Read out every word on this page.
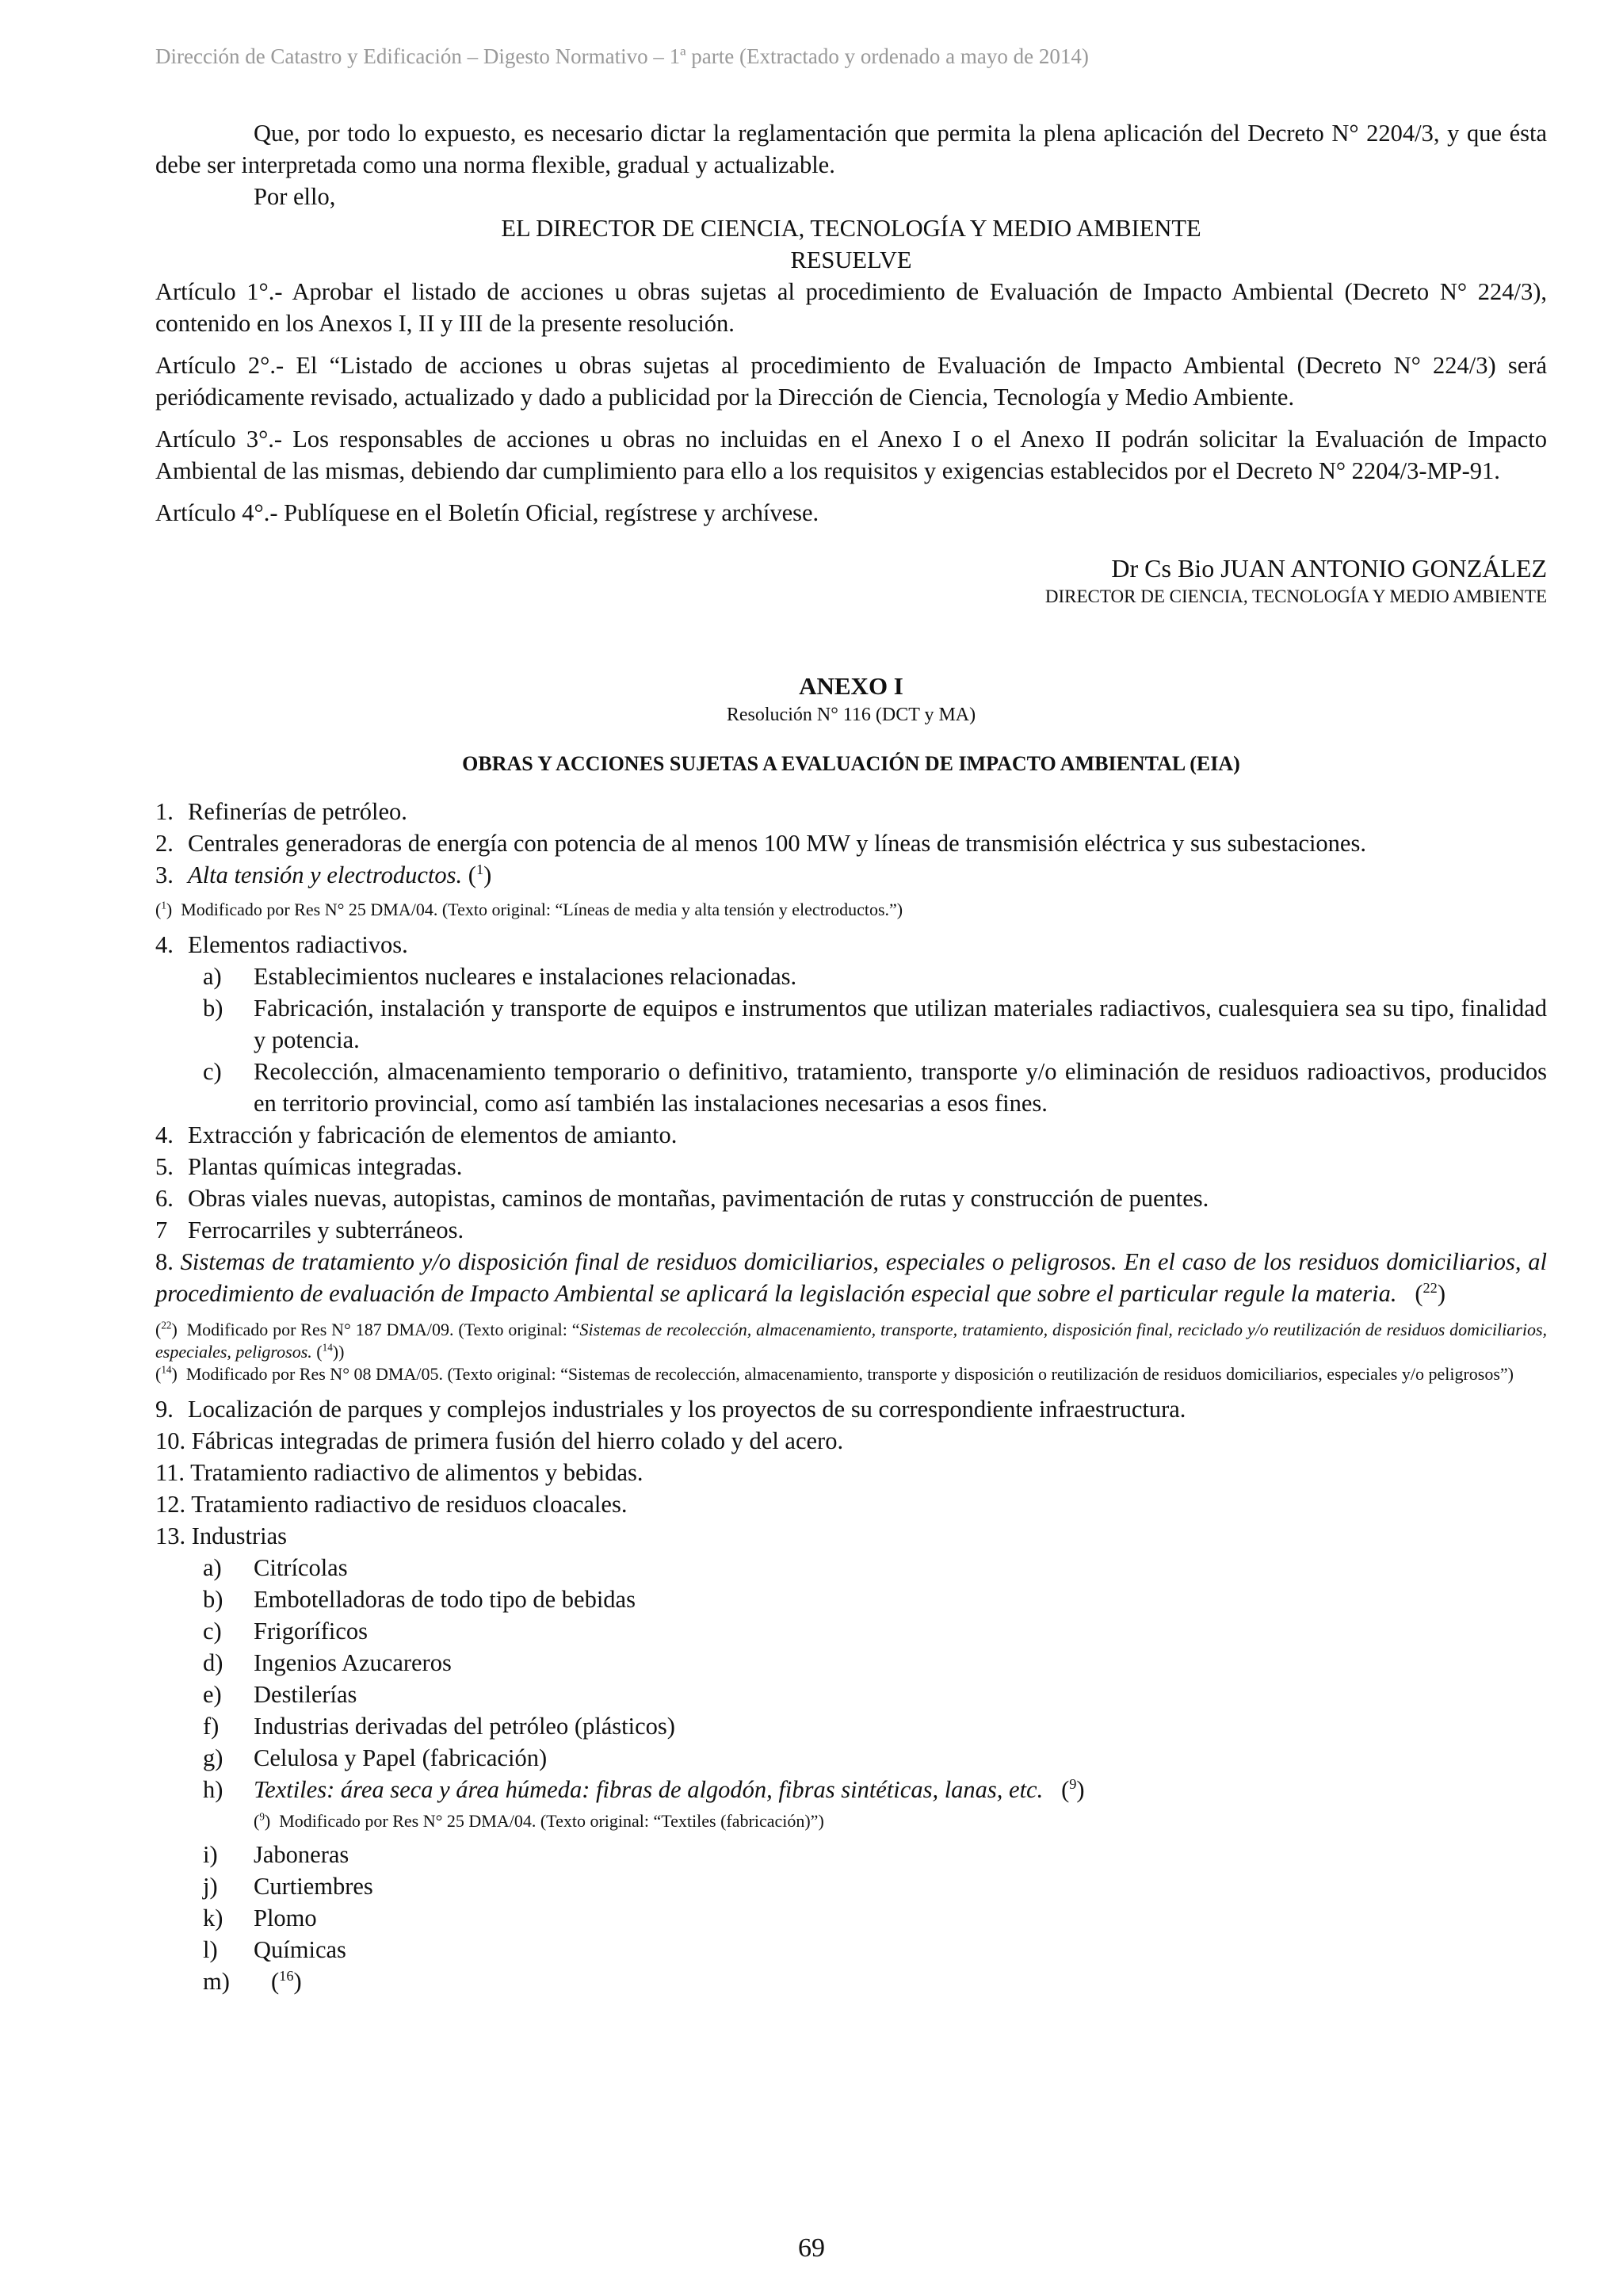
Dirección de Catastro y Edificación – Digesto Normativo – 1ª parte (Extractado y ordenado a mayo de 2014)

Que, por todo lo expuesto, es necesario dictar la reglamentación que permita la plena aplicación del Decreto N° 2204/3, y que ésta debe ser interpretada como una norma flexible, gradual y actualizable.

Por ello,

EL DIRECTOR DE CIENCIA, TECNOLOGÍA Y MEDIO AMBIENTE

RESUELVE

Artículo 1°.- Aprobar el listado de acciones u obras sujetas al procedimiento de Evaluación de Impacto Ambiental (Decreto N° 224/3), contenido en los Anexos I, II y III de la presente resolución.

Artículo 2°.- El “Listado de acciones u obras sujetas al procedimiento de Evaluación de Impacto Ambiental (Decreto N° 224/3) será periódicamente revisado, actualizado y dado a publicidad por la Dirección de Ciencia, Tecnología y Medio Ambiente.

Artículo 3°.- Los responsables de acciones u obras no incluidas en el Anexo I o el Anexo II podrán solicitar la Evaluación de Impacto Ambiental de las mismas, debiendo dar cumplimiento para ello a los requisitos y exigencias establecidos por el Decreto N° 2204/3-MP-91.

Artículo 4°.- Publíquese en el Boletín Oficial, regístrese y archívese.

Dr Cs Bio JUAN ANTONIO GONZÁLEZ

DIRECTOR DE CIENCIA, TECNOLOGÍA Y MEDIO AMBIENTE

ANEXO I

Resolución N° 116 (DCT y MA)

OBRAS Y ACCIONES SUJETAS A EVALUACIÓN DE IMPACTO AMBIENTAL (EIA)

1. Refinerías de petróleo.
2. Centrales generadoras de energía con potencia de al menos 100 MW y líneas de transmisión eléctrica y sus subestaciones.
3. Alta tensión y electroductos. ($^1$)

($^1$)  Modificado por Res N° 25 DMA/04. (Texto original: “Líneas de media y alta tensión y electroductos.”)

4. Elementos radiactivos.
a) Establecimientos nucleares e instalaciones relacionadas.
b) Fabricación, instalación y transporte de equipos e instrumentos que utilizan materiales radiactivos, cualesquiera sea su tipo, finalidad y potencia.
c) Recolección, almacenamiento temporario o definitivo, tratamiento, transporte y/o eliminación de residuos radioactivos, producidos en territorio provincial, como así también las instalaciones necesarias a esos fines.
4. Extracción y fabricación de elementos de amianto.
5. Plantas químicas integradas.
6. Obras viales nuevas, autopistas, caminos de montañas, pavimentación de rutas y construcción de puentes.
7 Ferrocarriles y subterráneos.

8. Sistemas de tratamiento y/o disposición final de residuos domiciliarios, especiales o peligrosos. En el caso de los residuos domiciliarios, al procedimiento de evaluación de Impacto Ambiental se aplicará la legislación especial que sobre el particular regule la materia.   ($^{22}$)

($^{22}$)  Modificado por Res N° 187 DMA/09. (Texto original: “Sistemas de recolección, almacenamiento, transporte, tratamiento, disposición final, reciclado y/o reutilización de residuos domiciliarios, especiales, peligrosos. ($^{14}$))

($^{14}$)  Modificado por Res N° 08 DMA/05. (Texto original: “Sistemas de recolección, almacenamiento, transporte y disposición o reutilización de residuos domiciliarios, especiales y/o peligrosos”)

9. Localización de parques y complejos industriales y los proyectos de su correspondiente infraestructura.

10. Fábricas integradas de primera fusión del hierro colado y del acero.

11. Tratamiento radiactivo de alimentos y bebidas.

12. Tratamiento radiactivo de residuos cloacales.

13. Industrias

a) Citrícolas
b) Embotelladoras de todo tipo de bebidas
c) Frigoríficos
d) Ingenios Azucareros
e) Destilerías
f) Industrias derivadas del petróleo (plásticos)
g) Celulosa y Papel (fabricación)
h) Textiles: área seca y área húmeda: fibras de algodón, fibras sintéticas, lanas, etc.   ($^9$)

($^9$)  Modificado por Res N° 25 DMA/04. (Texto original: “Textiles (fabricación)”)

i) Jaboneras
j) Curtiembres
k) Plomo
l) Químicas
m) ($^{16}$)
69
